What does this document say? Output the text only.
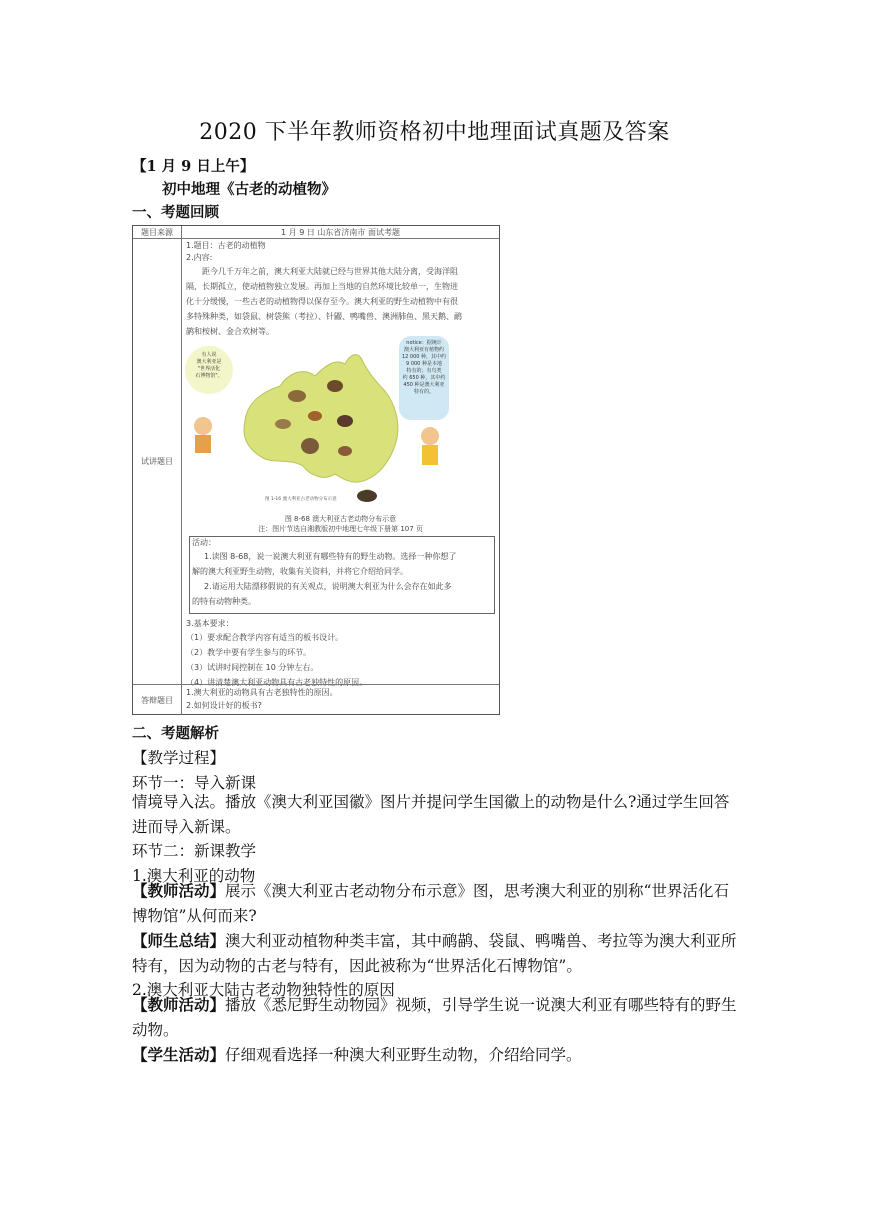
2020 下半年教师资格初中地理面试真题及答案
【1 月 9 日上午】
初中地理《古老的动植物》
一、考题回顾
题目来源	1 月 9 日 山东省济南市 面试考题
试讲题目
1.题目：古老的动植物
2.内容:
距今几千万年之前，澳大利亚大陆就已经与世界其他大陆分离，受海洋阻
隔，长期孤立，使动植物独立发展。再加上当地的自然环境比较单一，生物进
化十分缓慢，一些古老的动植物得以保存至今。澳大利亚的野生动植物中有很
多特殊种类，如袋鼠、树袋熊（考拉）、针鼹、鸭嘴兽、澳洲肺鱼、黑天鹅、鸸
鹋和桉树、金合欢树等。
有人说
澳大利亚是
"世界活化
石博物馆"。
notice：据统计
澳大利亚有植物约
12 000 种，其中约
9 000 种是本地
特有的；有鸟类
约 650 种，其中约
450 种是澳大利亚
特有的。
图 1-16 澳大利亚古老动物分布示意
图 8-68 澳大利亚古老动物分布示意
注：图片节选自湘教版初中地理七年级下册第 107 页
活动：
1.读图 8-68，说一说澳大利亚有哪些特有的野生动物。选择一种你想了
解的澳大利亚野生动物，收集有关资料，并将它介绍给同学。
2.请运用大陆漂移假说的有关观点，说明澳大利亚为什么会存在如此多
的特有动物种类。
3.基本要求：
（1）要求配合教学内容有适当的板书设计。
（2）教学中要有学生参与的环节。
（3）试讲时间控制在 10 分钟左右。
（4）讲清楚澳大利亚动物具有古老独特性的原因。
答辩题目
1.澳大利亚的动物具有古老独特性的原因。
2.如何设计好的板书?
二、考题解析
【教学过程】
环节一：导入新课
情境导入法。播放《澳大利亚国徽》图片并提问学生国徽上的动物是什么?通过学生回答进而导入新课。
环节二：新课教学
1.澳大利亚的动物
【教师活动】展示《澳大利亚古老动物分布示意》图，思考澳大利亚的别称“世界活化石博物馆”从何而来?
【师生总结】澳大利亚动植物种类丰富，其中鸸鹋、袋鼠、鸭嘴兽、考拉等为澳大利亚所特有，因为动物的古老与特有，因此被称为“世界活化石博物馆”。
2.澳大利亚大陆古老动物独特性的原因
【教师活动】播放《悉尼野生动物园》视频，引导学生说一说澳大利亚有哪些特有的野生动物。
【学生活动】仔细观看选择一种澳大利亚野生动物，介绍给同学。
